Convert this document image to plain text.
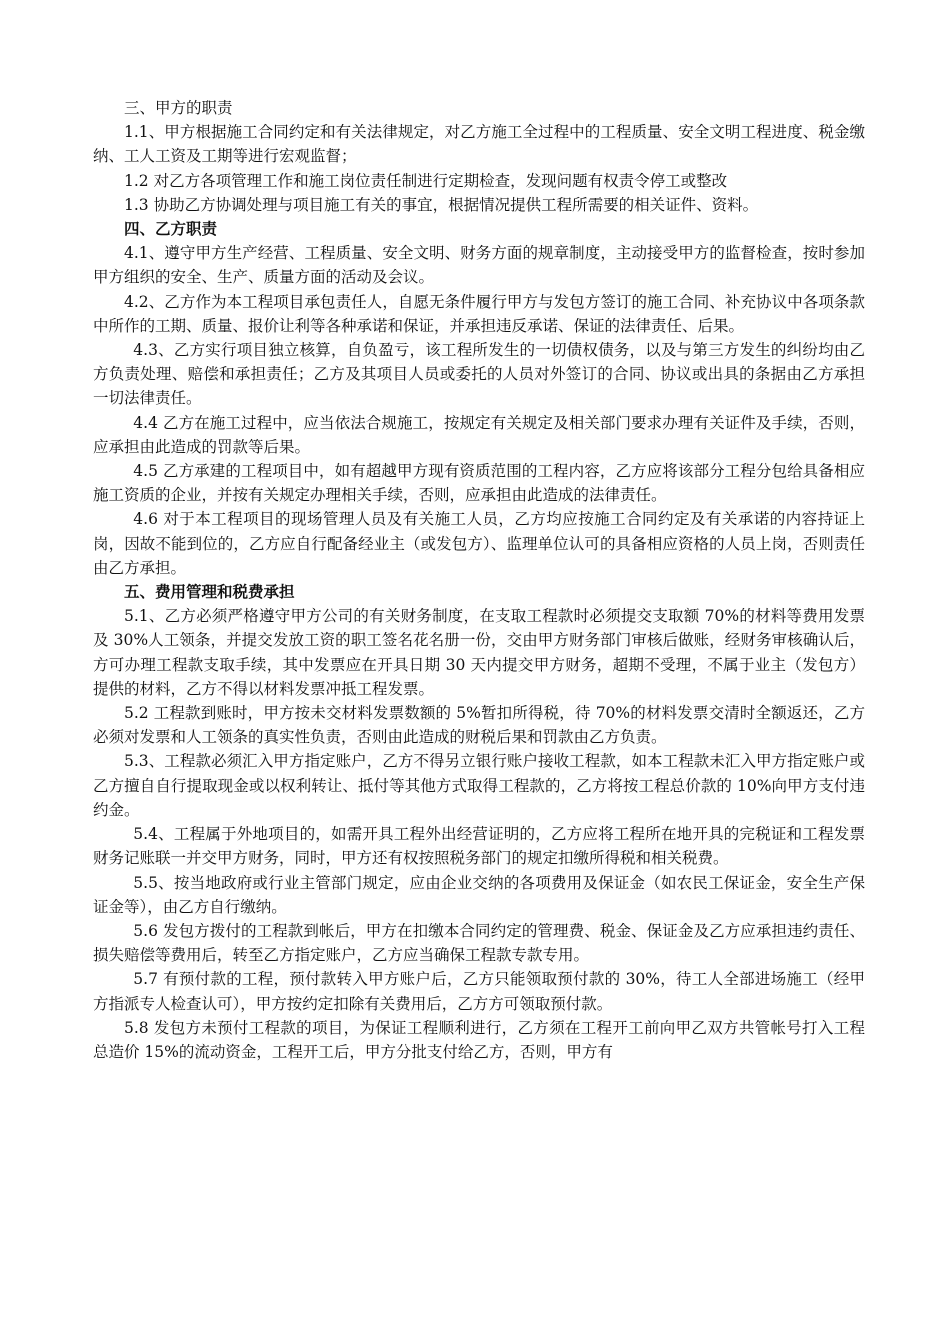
三、甲方的职责

1.1、甲方根据施工合同约定和有关法律规定，对乙方施工全过程中的工程质量、安全文明工程进度、税金缴纳、工人工资及工期等进行宏观监督；

1.2 对乙方各项管理工作和施工岗位责任制进行定期检查，发现问题有权责令停工或整改

1.3 协助乙方协调处理与项目施工有关的事宜，根据情况提供工程所需要的相关证件、资料。

四、乙方职责

4.1、遵守甲方生产经营、工程质量、安全文明、财务方面的规章制度，主动接受甲方的监督检查，按时参加甲方组织的安全、生产、质量方面的活动及会议。

4.2、乙方作为本工程项目承包责任人，自愿无条件履行甲方与发包方签订的施工合同、补充协议中各项条款中所作的工期、质量、报价让利等各种承诺和保证，并承担违反承诺、保证的法律责任、后果。

4.3、乙方实行项目独立核算，自负盈亏，该工程所发生的一切债权债务，以及与第三方发生的纠纷均由乙方负责处理、赔偿和承担责任；乙方及其项目人员或委托的人员对外签订的合同、协议或出具的条据由乙方承担一切法律责任。

4.4 乙方在施工过程中，应当依法合规施工，按规定有关规定及相关部门要求办理有关证件及手续，否则，应承担由此造成的罚款等后果。

4.5 乙方承建的工程项目中，如有超越甲方现有资质范围的工程内容，乙方应将该部分工程分包给具备相应施工资质的企业，并按有关规定办理相关手续，否则，应承担由此造成的法律责任。

4.6 对于本工程项目的现场管理人员及有关施工人员，乙方均应按施工合同约定及有关承诺的内容持证上岗，因故不能到位的，乙方应自行配备经业主（或发包方）、监理单位认可的具备相应资格的人员上岗，否则责任由乙方承担。

五、费用管理和税费承担

5.1、乙方必须严格遵守甲方公司的有关财务制度，在支取工程款时必须提交支取额 70%的材料等费用发票及 30%人工领条，并提交发放工资的职工签名花名册一份，交由甲方财务部门审核后做账，经财务审核确认后，方可办理工程款支取手续，其中发票应在开具日期 30 天内提交甲方财务，超期不受理，不属于业主（发包方）提供的材料，乙方不得以材料发票冲抵工程发票。

5.2 工程款到账时，甲方按未交材料发票数额的 5%暂扣所得税，待 70%的材料发票交清时全额返还，乙方必须对发票和人工领条的真实性负责，否则由此造成的财税后果和罚款由乙方负责。

5.3、工程款必须汇入甲方指定账户，乙方不得另立银行账户接收工程款，如本工程款未汇入甲方指定账户或乙方擅自自行提取现金或以权利转让、抵付等其他方式取得工程款的，乙方将按工程总价款的 10%向甲方支付违约金。

5.4、工程属于外地项目的，如需开具工程外出经营证明的，乙方应将工程所在地开具的完税证和工程发票财务记账联一并交甲方财务，同时，甲方还有权按照税务部门的规定扣缴所得税和相关税费。

5.5、按当地政府或行业主管部门规定，应由企业交纳的各项费用及保证金（如农民工保证金，安全生产保证金等），由乙方自行缴纳。

5.6 发包方拨付的工程款到帐后，甲方在扣缴本合同约定的管理费、税金、保证金及乙方应承担违约责任、损失赔偿等费用后，转至乙方指定账户，乙方应当确保工程款专款专用。

5.7 有预付款的工程，预付款转入甲方账户后，乙方只能领取预付款的 30%，待工人全部进场施工（经甲方指派专人检查认可），甲方按约定扣除有关费用后，乙方方可领取预付款。

5.8 发包方未预付工程款的项目，为保证工程顺利进行，乙方须在工程开工前向甲乙双方共管帐号打入工程总造价 15%的流动资金，工程开工后，甲方分批支付给乙方，否则，甲方有
